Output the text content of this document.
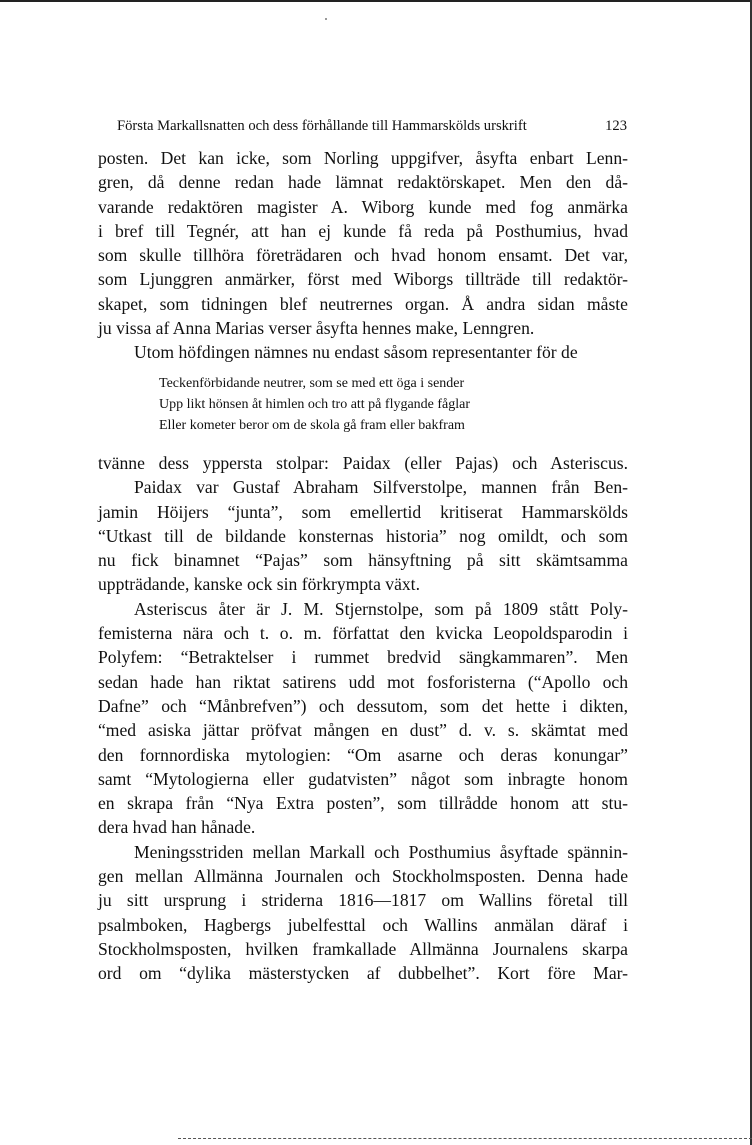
Första Markallsnatten och dess förhållande till Hammarskölds urskrift	123
posten. Det kan icke, som Norling uppgifver, åsyfta enbart Lenn-
gren, då denne redan hade lämnat redaktörskapet. Men den då-
varande redaktören magister A. Wiborg kunde med fog anmärka
i bref till Tegnér, att han ej kunde få reda på Posthumius, hvad
som skulle tillhöra företrädaren och hvad honom ensamt. Det var,
som Ljunggren anmärker, först med Wiborgs tillträde till redaktör-
skapet, som tidningen blef neutrernes organ. Å andra sidan måste
ju vissa af Anna Marias verser åsyfta hennes make, Lenngren.
Utom höfdingen nämnes nu endast såsom representanter för de
Teckenförbidande neutrer, som se med ett öga i sender
Upp likt hönsen åt himlen och tro att på flygande fåglar
Eller kometer beror om de skola gå fram eller bakfram
tvänne dess yppersta stolpar: Paidax (eller Pajas) och Asteriscus.
Paidax var Gustaf Abraham Silfverstolpe, mannen från Ben-
jamin Höijers “junta”, som emellertid kritiserat Hammarskölds
“Utkast till de bildande konsternas historia” nog omildt, och som
nu fick binamnet “Pajas” som hänsyftning på sitt skämtsamma
uppträdande, kanske ock sin förkrympta växt.
Asteriscus åter är J. M. Stjernstolpe, som på 1809 stått Poly-
femisterna nära och t. o. m. författat den kvicka Leopoldsparodin i
Polyfem: “Betraktelser i rummet bredvid sängkammaren”. Men
sedan hade han riktat satirens udd mot fosforisterna (“Apollo och
Dafne” och “Månbrefven”) och dessutom, som det hette i dikten,
“med asiska jättar pröfvat mången en dust” d. v. s. skämtat med
den fornnordiska mytologien: “Om asarne och deras konungar”
samt “Mytologierna eller gudatvisten” något som inbragte honom
en skrapa från “Nya Extra posten”, som tillrådde honom att stu-
dera hvad han hånade.
Meningsstriden mellan Markall och Posthumius åsyftade spännin-
gen mellan Allmänna Journalen och Stockholmsposten. Denna hade
ju sitt ursprung i striderna 1816—1817 om Wallins företal till
psalmboken, Hagbergs jubelfesttal och Wallins anmälan däraf i
Stockholmsposten, hvilken framkallade Allmänna Journalens skarpa
ord om “dylika mästerstycken af dubbelhet”. Kort före Mar-
